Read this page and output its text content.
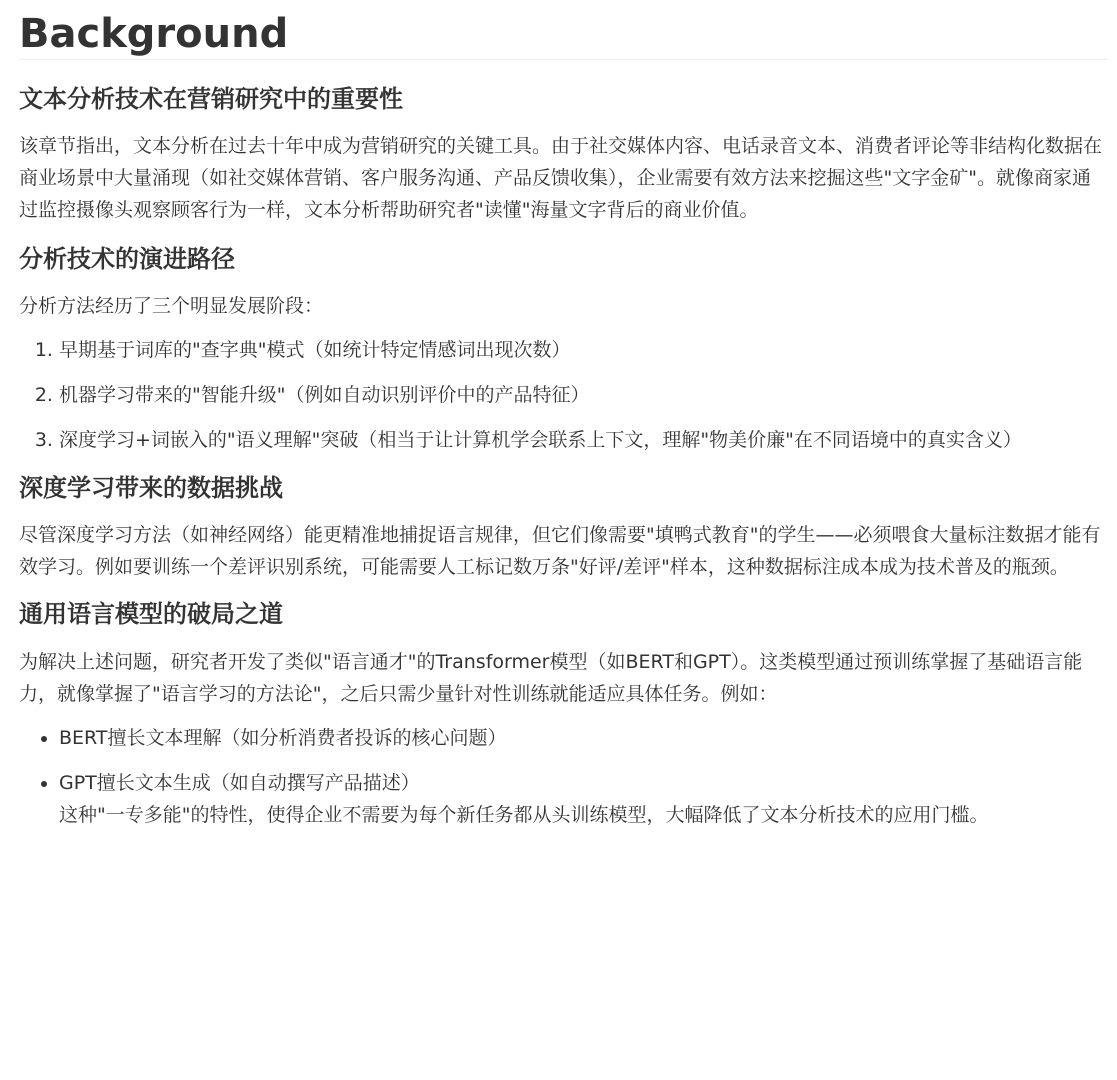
Background
文本分析技术在营销研究中的重要性

该章节指出，文本分析在过去十年中成为营销研究的关键工具。由于社交媒体内容、电话录音文本、消费者评论等非结构化数据在商业场景中大量涌现（如社交媒体营销、客户服务沟通、产品反馈收集），企业需要有效方法来挖掘这些"文字金矿"。就像商家通过监控摄像头观察顾客行为一样，文本分析帮助研究者"读懂"海量文字背后的商业价值。

分析技术的演进路径

分析方法经历了三个明显发展阶段：

1. 早期基于词库的"查字典"模式（如统计特定情感词出现次数）
2. 机器学习带来的"智能升级"（例如自动识别评价中的产品特征）
3. 深度学习+词嵌入的"语义理解"突破（相当于让计算机学会联系上下文，理解"物美价廉"在不同语境中的真实含义）
深度学习带来的数据挑战

尽管深度学习方法（如神经网络）能更精准地捕捉语言规律，但它们像需要"填鸭式教育"的学生——必须喂食大量标注数据才能有效学习。例如要训练一个差评识别系统，可能需要人工标记数万条"好评/差评"样本，这种数据标注成本成为技术普及的瓶颈。

通用语言模型的破局之道

为解决上述问题，研究者开发了类似"语言通才"的Transformer模型（如BERT和GPT）。这类模型通过预训练掌握了基础语言能力，就像掌握了"语言学习的方法论"，之后只需少量针对性训练就能适应具体任务。例如：

• BERT擅长文本理解（如分析消费者投诉的核心问题）
• GPT擅长文本生成（如自动撰写产品描述）
这种"一专多能"的特性，使得企业不需要为每个新任务都从头训练模型，大幅降低了文本分析技术的应用门槛。
